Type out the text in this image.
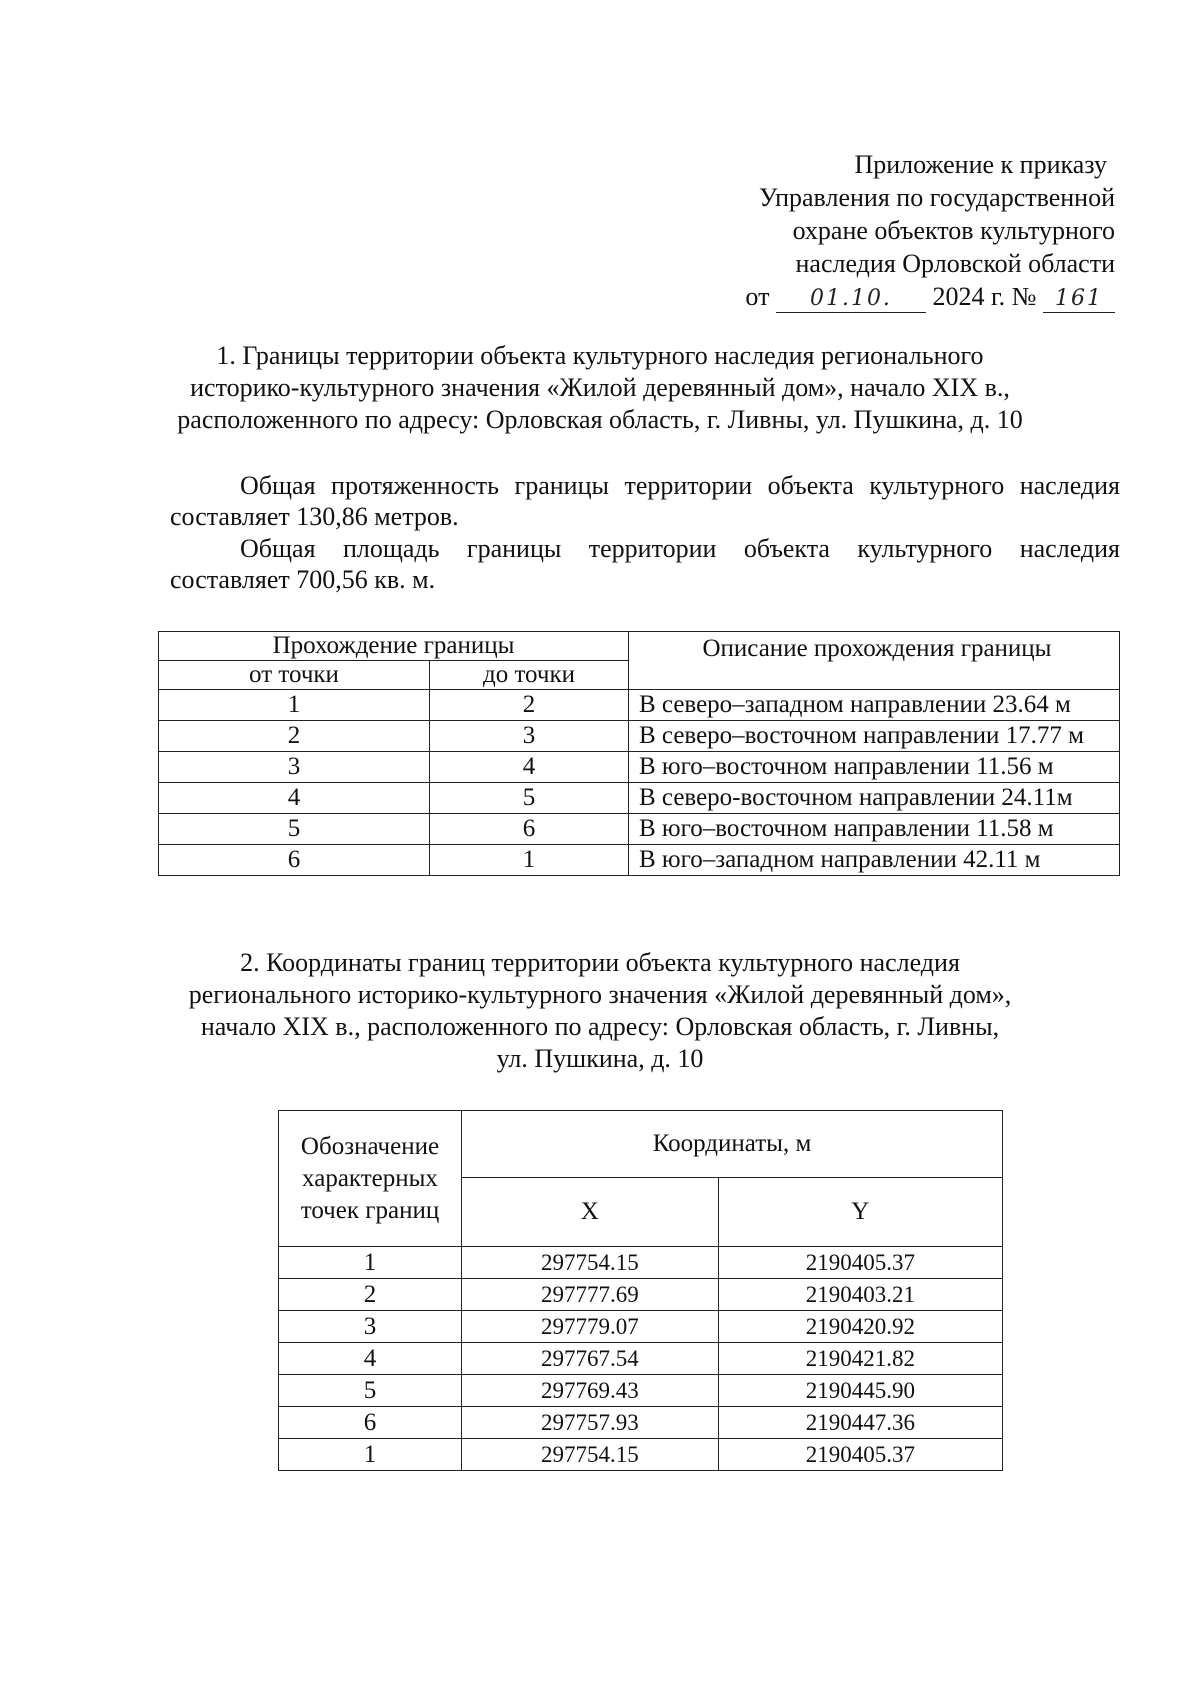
Приложение к приказу
Управления по государственной
охране объектов культурного
наследия Орловской области
от 01.10. 2024 г. № 161
1. Границы территории объекта культурного наследия регионального
историко-культурного значения «Жилой деревянный дом», начало XIX в.,
расположенного по адресу: Орловская область, г. Ливны, ул. Пушкина, д. 10
Общая протяженность границы территории объекта культурного наследия составляет 130,86 метров.
Общая площадь границы территории объекта культурного наследия составляет 700,56 кв. м.
Прохождение границы		Описание прохождения границы
от точки	до точки	
1	2	В северо–западном направлении 23.64 м
2	3	В северо–восточном направлении 17.77 м
3	4	В юго–восточном направлении 11.56 м
4	5	В северо-восточном направлении 24.11м
5	6	В юго–восточном направлении 11.58 м
6	1	В юго–западном направлении 42.11 м
2. Координаты границ территории объекта культурного наследия
регионального историко-культурного значения «Жилой деревянный дом»,
начало XIX в., расположенного по адресу: Орловская область, г. Ливны,
ул. Пушкина, д. 10
Обозначение характерных точек границ	Координаты, м	
	X	Y
1	297754.15	2190405.37
2	297777.69	2190403.21
3	297779.07	2190420.92
4	297767.54	2190421.82
5	297769.43	2190445.90
6	297757.93	2190447.36
1	297754.15	2190405.37
